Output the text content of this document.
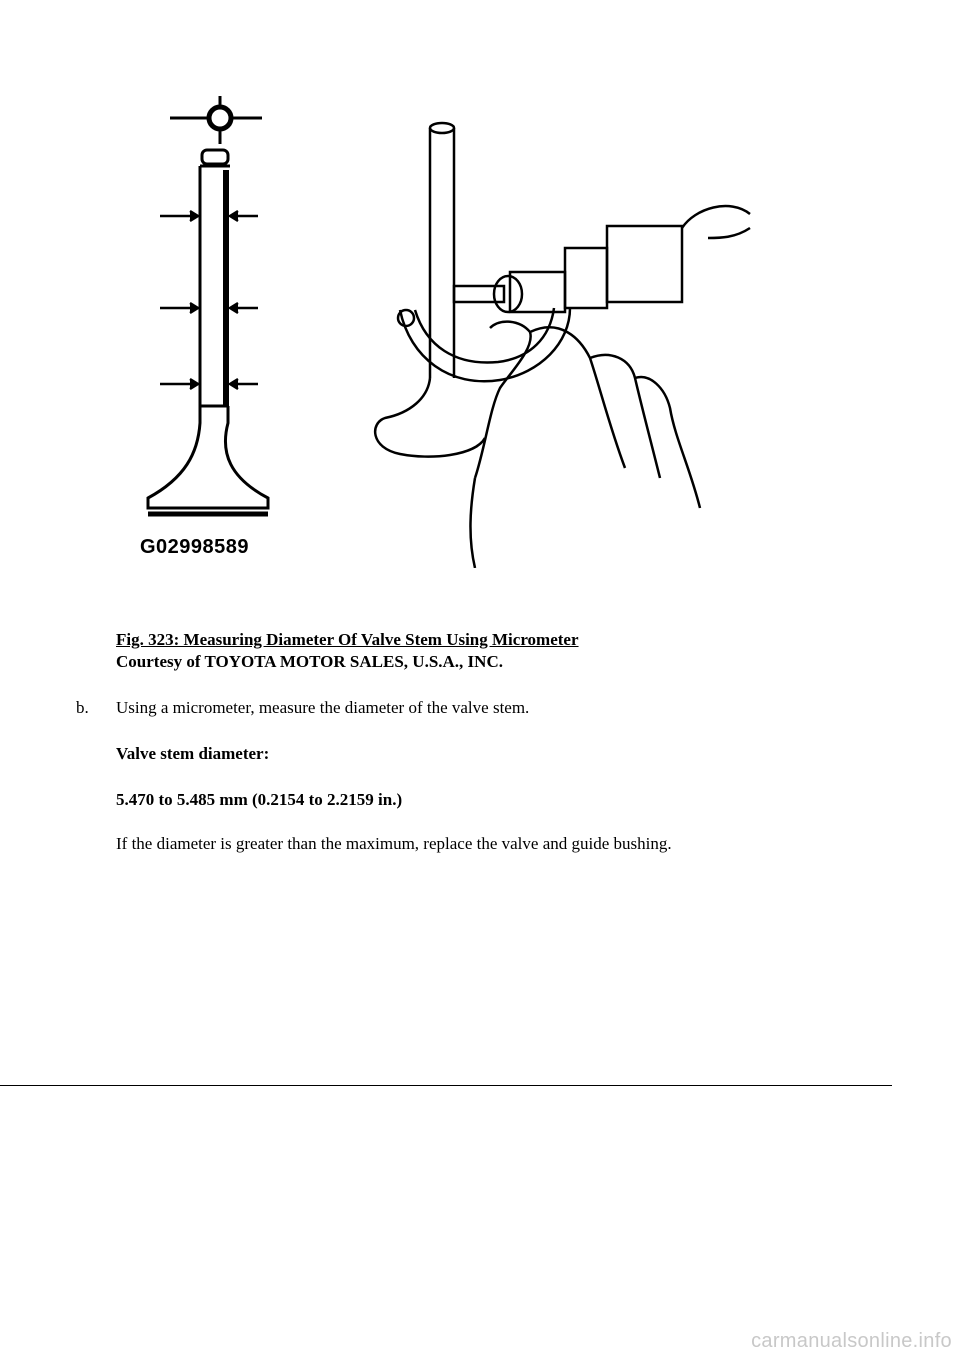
G02998589
Fig. 323: Measuring Diameter Of Valve Stem Using Micrometer
Courtesy of TOYOTA MOTOR SALES, U.S.A., INC.
b. Using a micrometer, measure the diameter of the valve stem.
Valve stem diameter:
5.470 to 5.485 mm (0.2154 to 2.2159 in.)
If the diameter is greater than the maximum, replace the valve and guide bushing.
carmanualsonline.info
